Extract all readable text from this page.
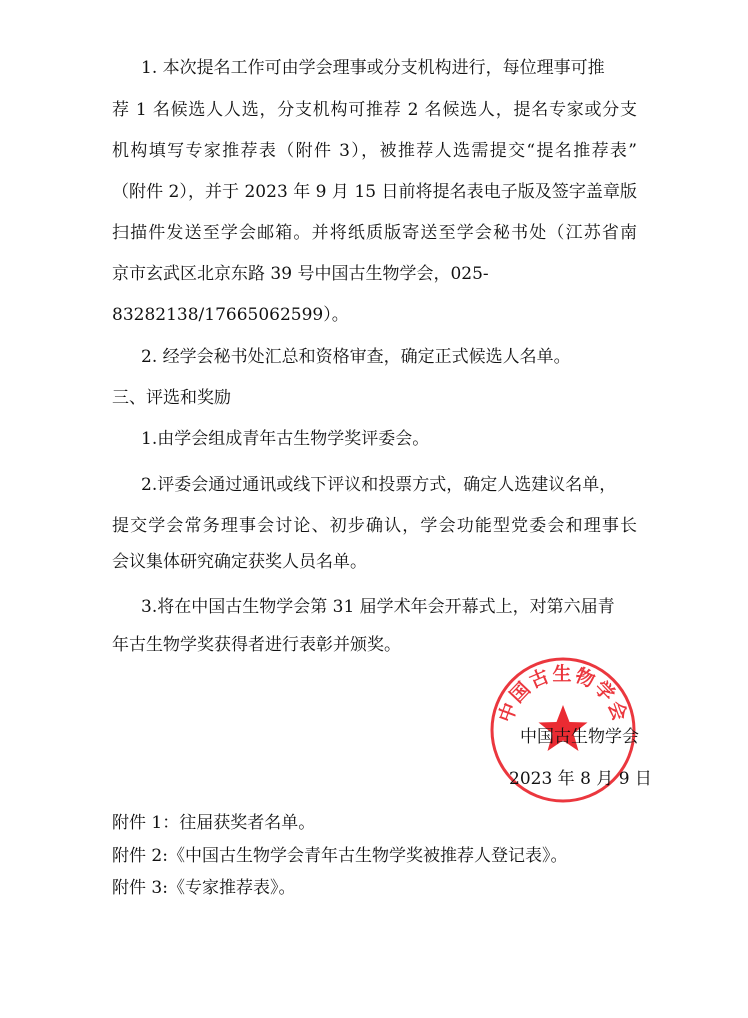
1. 本次提名工作可由学会理事或分支机构进行，每位理事可推
荐 1 名候选人人选，分支机构可推荐 2 名候选人，提名专家或分支
机构填写专家推荐表（附件 3），被推荐人选需提交“提名推荐表”
（附件 2），并于 2023 年 9 月 15 日前将提名表电子版及签字盖章版
扫描件发送至学会邮箱。并将纸质版寄送至学会秘书处（江苏省南
京市玄武区北京东路 39 号中国古生物学会，025-
83282138/17665062599）。
2. 经学会秘书处汇总和资格审查，确定正式候选人名单。
三、评选和奖励
1.由学会组成青年古生物学奖评委会。
2.评委会通过通讯或线下评议和投票方式，确定人选建议名单，
提交学会常务理事会讨论、初步确认，学会功能型党委会和理事长
会议集体研究确定获奖人员名单。
3.将在中国古生物学会第 31 届学术年会开幕式上，对第六届青
年古生物学奖获得者进行表彰并颁奖。
中国古生物学会
中国古生物学会
2023 年 8 月 9 日
附件 1：往届获奖者名单。
附件 2:《中国古生物学会青年古生物学奖被推荐人登记表》。
附件 3:《专家推荐表》。
